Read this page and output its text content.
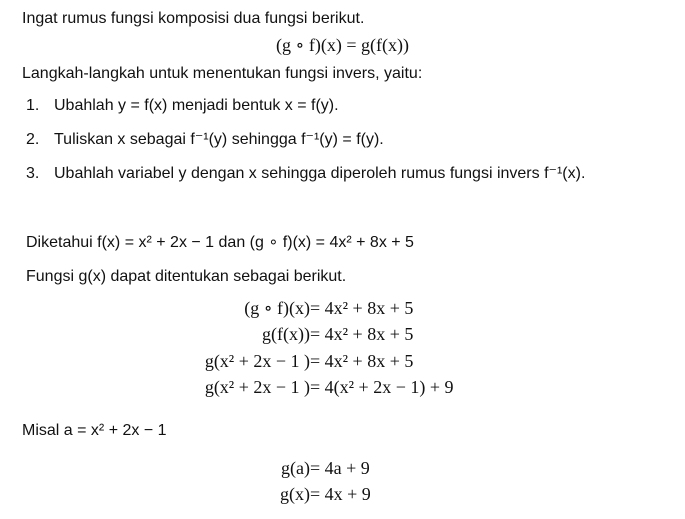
Ingat rumus fungsi komposisi dua fungsi berikut.
(g ∘ f)(x) = g(f(x))
Langkah-langkah untuk menentukan fungsi invers, yaitu:
1. Ubahlah y = f(x) menjadi bentuk x = f(y).
2. Tuliskan x sebagai f⁻¹(y) sehingga f⁻¹(y) = f(y).
3. Ubahlah variabel y dengan x sehingga diperoleh rumus fungsi invers f⁻¹(x).
Diketahui f(x) = x² + 2x − 1 dan (g ∘ f)(x) = 4x² + 8x + 5
Fungsi g(x) dapat ditentukan sebagai berikut.
(g ∘ f)(x) = 4x² + 8x + 5
g(f(x)) = 4x² + 8x + 5
g(x² + 2x − 1 ) = 4x² + 8x + 5
g(x² + 2x − 1 ) = 4(x² + 2x − 1) + 9
Misal a = x² + 2x − 1
g(a) = 4a + 9
g(x) = 4x + 9
